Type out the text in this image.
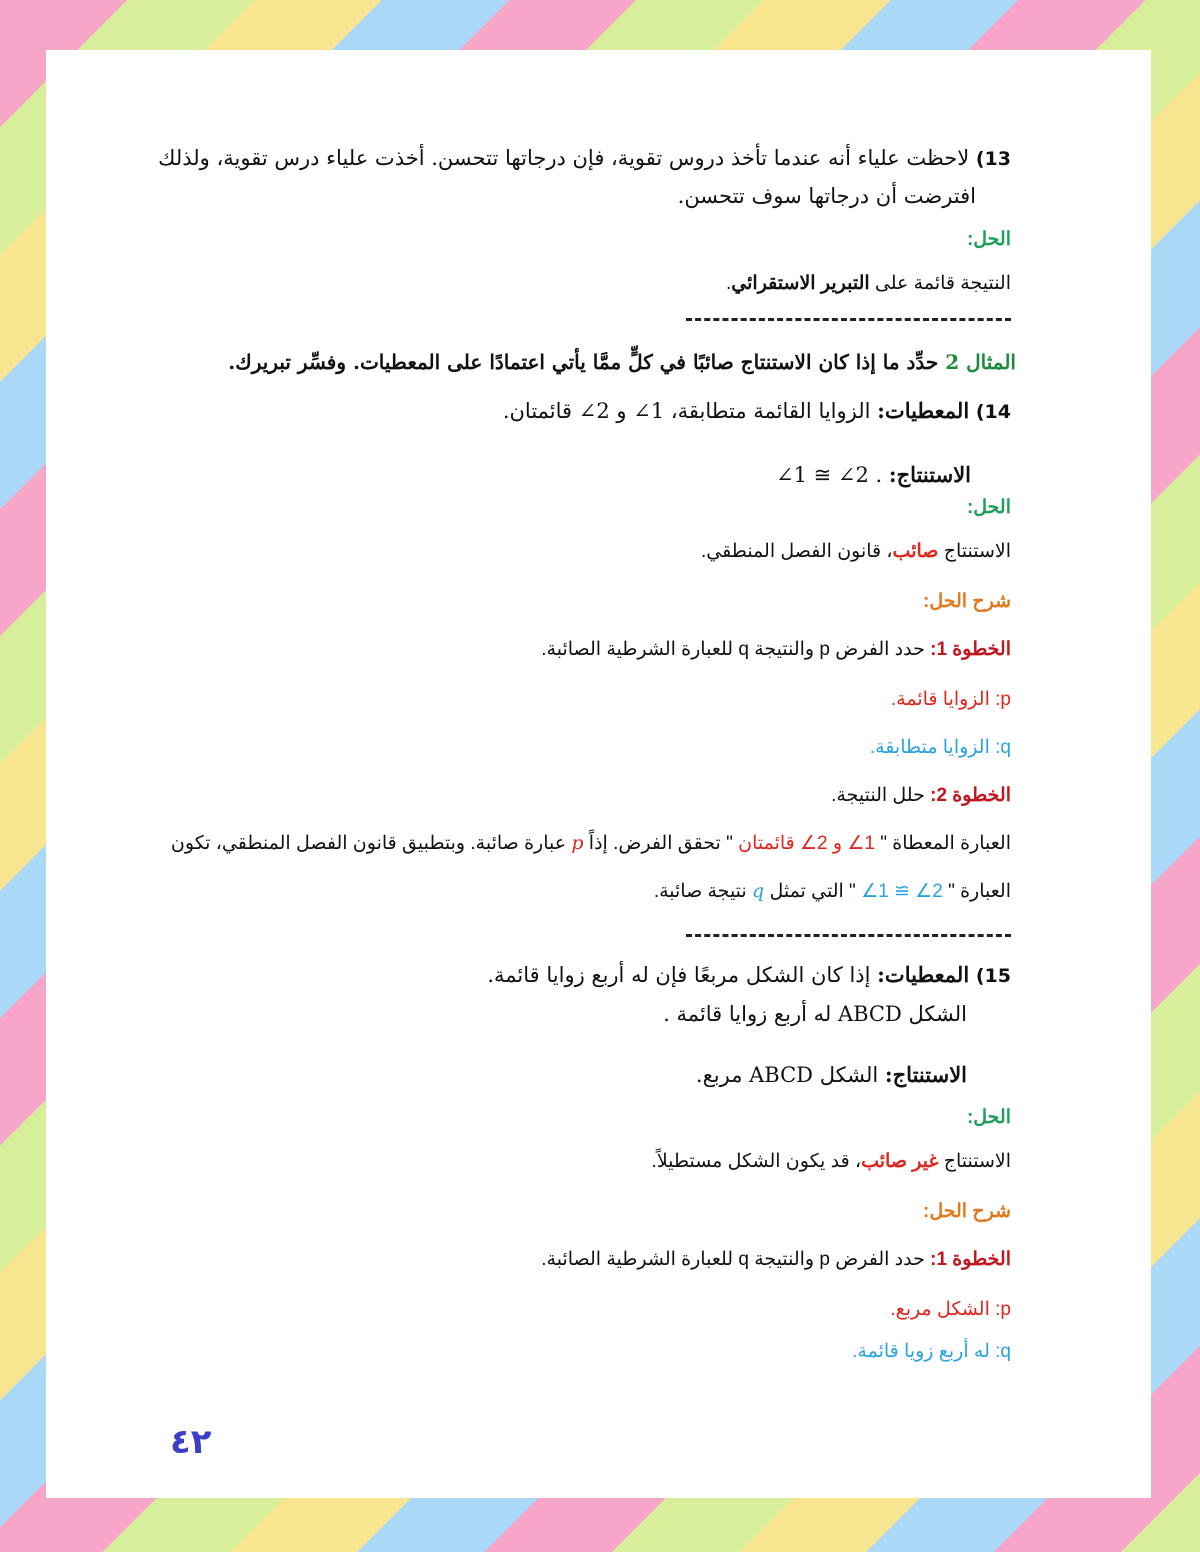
13) لاحظت علياء أنه عندما تأخذ دروس تقوية، فإن درجاتها تتحسن. أخذت علياء درس تقوية، ولذلك
افترضت أن درجاتها سوف تتحسن.
الحل:
النتيجة قائمة على التبرير الاستقرائي.
المثال 2 حدِّد ما إذا كان الاستنتاج صائبًا في كلٍّ ممَّا يأتي اعتمادًا على المعطيات. وفسِّر تبريرك.
14) المعطيات: الزوايا القائمة متطابقة، 1∠ و 2∠ قائمتان.
الاستنتاج: ∠1 ≅ ∠2 .
الحل:
الاستنتاج صائب، قانون الفصل المنطقي.
شرح الحل:
الخطوة 1: حدد الفرض p والنتيجة q للعبارة الشرطية الصائبة.
p: الزوايا قائمة.
q: الزوايا متطابقة.
الخطوة 2: حلل النتيجة.
العبارة المعطاة " 1∠ و 2∠ قائمتان " تحقق الفرض. إذاً p عبارة صائبة. وبتطبيق قانون الفصل المنطقي، تكون
العبارة " 2∠ ≅ 1∠ " التي تمثل q نتيجة صائبة.
15) المعطيات: إذا كان الشكل مربعًا فإن له أربع زوايا قائمة.
الشكل ABCD له أربع زوايا قائمة .
الاستنتاج: الشكل ABCD مربع.
الحل:
الاستنتاج غير صائب، قد يكون الشكل مستطيلاً.
شرح الحل:
الخطوة 1: حدد الفرض p والنتيجة q للعبارة الشرطية الصائبة.
p: الشكل مربع.
q: له أربع زويا قائمة.
٤٢
